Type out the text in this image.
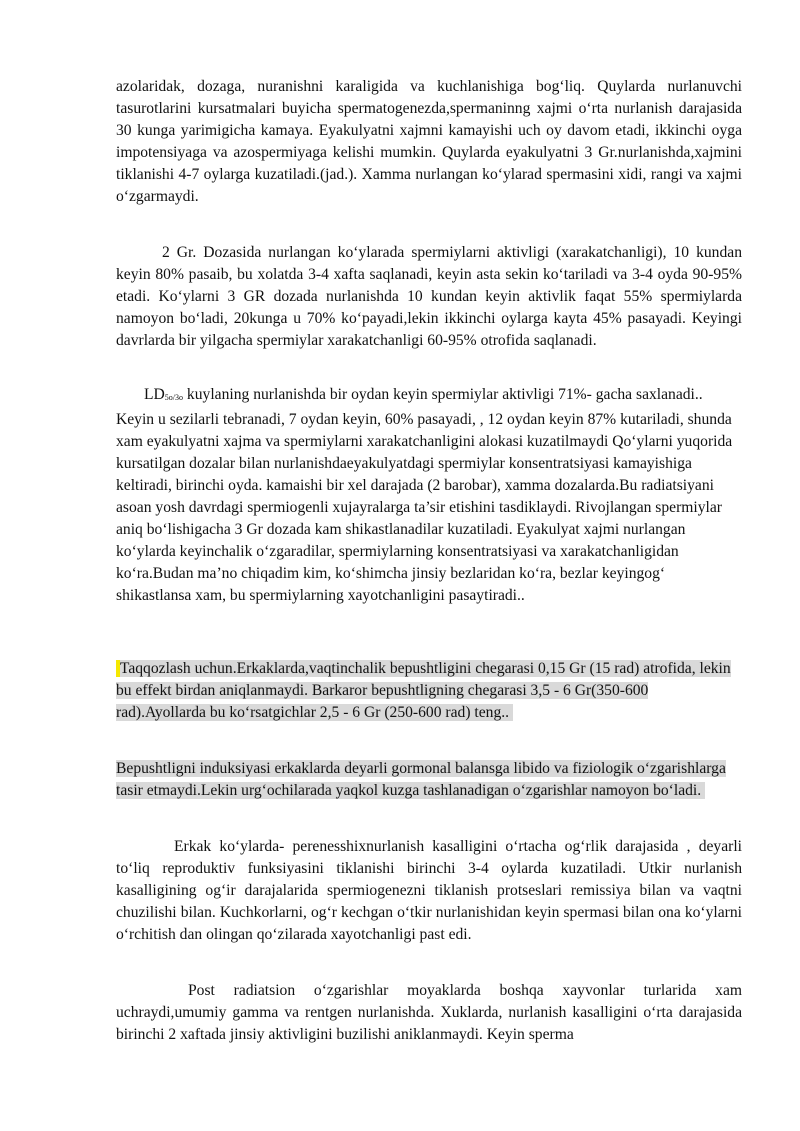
azolaridak, dozaga, nuranishni karaligida va kuchlanishiga bog‘liq. Quylarda nurlanuvchi tasurotlarini kursatmalari buyicha spermatogenezda,spermaninng xajmi o‘rta nurlanish darajasida 30 kunga yarimigicha kamaya. Eyakulyatni xajmni kamayishi uch oy davom etadi, ikkinchi oyga impotensiyaga va azospermiyaga kelishi mumkin. Quylarda eyakulyatni 3 Gr.nurlanishda,xajmini tiklanishi 4-7 oylarga kuzatiladi.(jad.). Xamma nurlangan ko‘ylarad spermasini xidi, rangi va xajmi o‘zgarmaydi.

2 Gr. Dozasida nurlangan ko‘ylarada spermiylarni aktivligi (xarakatchanligi), 10 kundan keyin 80% pasaib, bu xolatda 3-4 xafta saqlanadi, keyin asta sekin ko‘tariladi va 3-4 oyda 90-95% etadi. Ko‘ylarni 3 GR dozada nurlanishda 10 kundan keyin aktivlik faqat 55% spermiylarda namoyon bo‘ladi, 20kunga u 70% ko‘payadi,lekin ikkinchi oylarga kayta 45% pasayadi. Keyingi davrlarda bir yilgacha spermiylar xarakatchanligi 60-95% otrofida saqlanadi.

$LD_{5o/3o}$ kuylaning nurlanishda bir oydan keyin spermiylar aktivligi 71%- gacha saxlanadi.. Keyin u sezilarli tebranadi, 7 oydan keyin, 60% pasayadi, , 12 oydan keyin 87% kutariladi, shunda xam eyakulyatni xajma va spermiylarni xarakatchanligini alokasi kuzatilmaydi Qo‘ylarni yuqorida kursatilgan dozalar bilan nurlanishdaeyakulyatdagi spermiylar konsentratsiyasi kamayishiga keltiradi, birinchi oyda. kamaishi bir xel darajada (2 barobar), xamma dozalarda.Bu radiatsiyani asoan yosh davrdagi spermiogenli xujayralarga ta’sir etishini tasdiklaydi. Rivojlangan spermiylar aniq bo‘lishigacha 3 Gr dozada kam shikastlanadilar kuzatiladi. Eyakulyat xajmi nurlangan ko‘ylarda keyinchalik o‘zgaradilar, spermiylarning konsentratsiyasi va xarakatchanligidan ko‘ra.Budan ma’no chiqadim kim, ko‘shimcha jinsiy bezlaridan ko‘ra, bezlar keyingog‘ shikastlansa xam, bu spermiylarning xayotchanligini pasaytiradi..

Taqqozlash uchun.Erkaklarda,vaqtinchalik bepushtligini chegarasi 0,15 Gr (15 rad) atrofida, lekin bu effekt birdan aniqlanmaydi. Barkaror bepushtligning chegarasi 3,5 - 6 Gr(350-600 rad).Ayollarda bu ko‘rsatgichlar 2,5 - 6 Gr (250-600 rad) teng..

Bepushtligni induksiyasi erkaklarda deyarli gormonal balansga libido va fiziologik o‘zgarishlarga tasir etmaydi.Lekin urg‘ochilarada yaqkol kuzga tashlanadigan o‘zgarishlar namoyon bo‘ladi.

Erkak ko‘ylarda- perenesshixnurlanish kasalligini o‘rtacha og‘rlik darajasida , deyarli to‘liq reproduktiv funksiyasini tiklanishi birinchi 3-4 oylarda kuzatiladi. Utkir nurlanish kasalligining og‘ir darajalarida spermiogenezni tiklanish protseslari remissiya bilan va vaqtni chuzilishi bilan. Kuchkorlarni, og‘r kechgan o‘tkir nurlanishidan keyin spermasi bilan ona ko‘ylarni o‘rchitish dan olingan qo‘zilarada xayotchanligi past edi.

Post radiatsion o‘zgarishlar moyaklarda boshqa xayvonlar turlarida xam uchraydi,umumiy gamma va rentgen nurlanishda. Xuklarda, nurlanish kasalligini o‘rta darajasida birinchi 2 xaftada jinsiy aktivligini buzilishi aniklanmaydi. Keyin sperma
